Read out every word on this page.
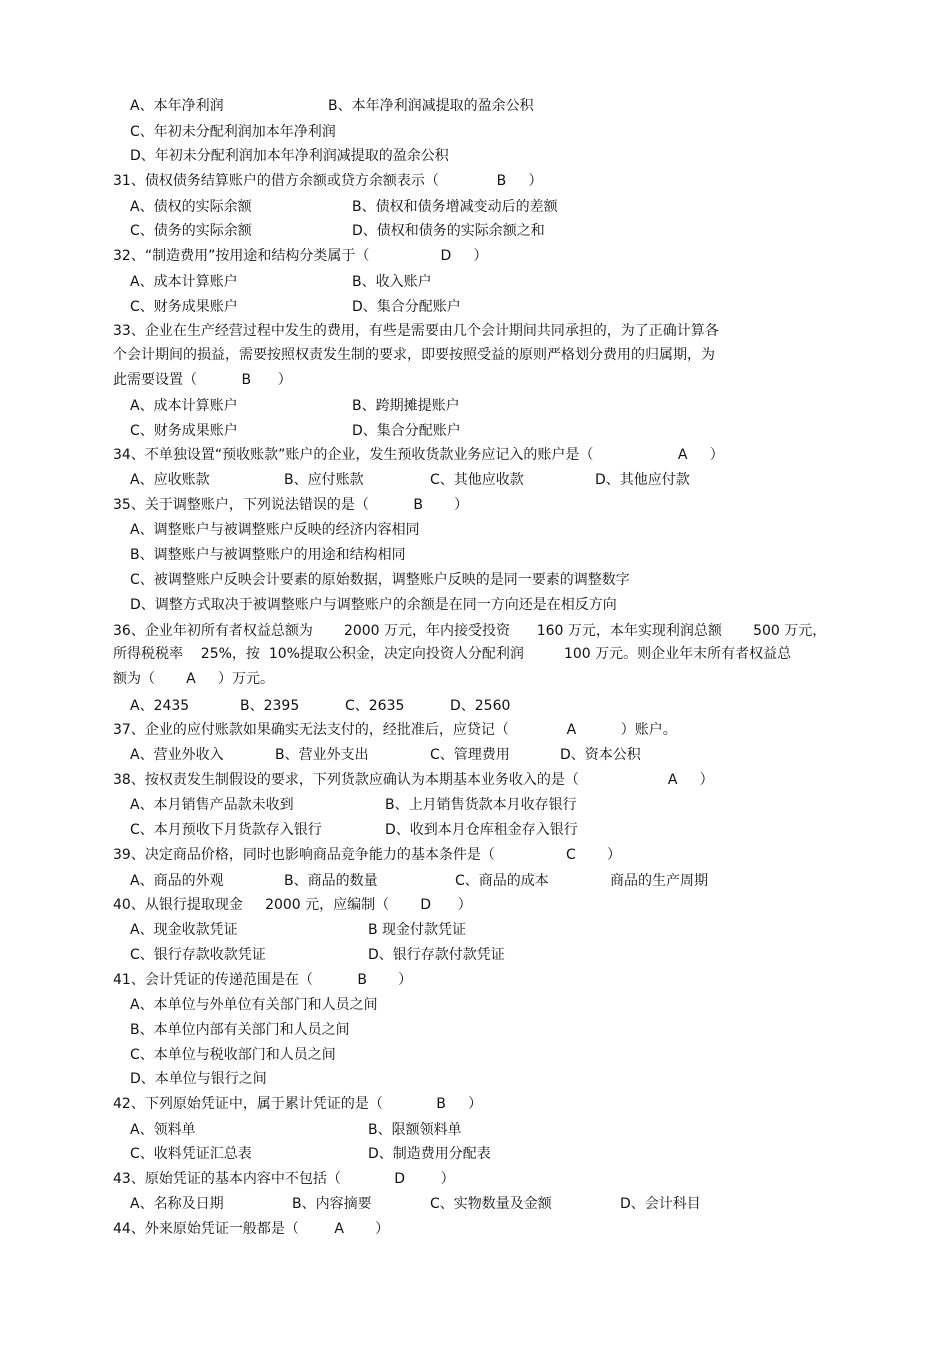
A、本年净利润	B、本年净利润减提取的盈余公积
C、年初未分配利润加本年净利润
D、年初未分配利润加本年净利润减提取的盈余公积
31、债权债务结算账户的借方余额或贷方余额表示（             B     ）
A、债权的实际余额	B、债权和债务增减变动后的差额
C、债务的实际余额	D、债权和债务的实际余额之和
32、“制造费用”按用途和结构分类属于（                D     ）
A、成本计算账户	B、收入账户
C、财务成果账户	D、集合分配账户
33、企业在生产经营过程中发生的费用，有些是需要由几个会计期间共同承担的，为了正确计算各
个会计期间的损益，需要按照权责发生制的要求，即要按照受益的原则严格划分费用的归属期，为
此需要设置（          B      ）
A、成本计算账户	B、跨期摊提账户
C、财务成果账户	D、集合分配账户
34、不单独设置“预收账款”账户的企业，发生预收货款业务应记入的账户是（                   A     ）
A、应收账款	B、应付账款	C、其他应收款	D、其他应付款
35、关于调整账户，下列说法错误的是（          B       ）
A、调整账户与被调整账户反映的经济内容相同
B、调整账户与被调整账户的用途和结构相同
C、被调整账户反映会计要素的原始数据，调整账户反映的是同一要素的调整数字
D、调整方式取决于被调整账户与调整账户的余额是在同一方向还是在相反方向
36、企业年初所有者权益总额为       2000 万元，年内接受投资      160 万元，本年实现利润总额       500 万元，
所得税税率    25%，按  10%提取公积金，决定向投资人分配利润         100 万元。则企业年末所有者权益总
额为（       A     ）万元。
A、2435	B、2395	C、2635	D、2560
37、企业的应付账款如果确实无法支付的，经批准后，应贷记（             A          ）账户。
A、营业外收入	B、营业外支出	C、管理费用	D、资本公积
38、按权责发生制假设的要求，下列货款应确认为本期基本业务收入的是（                    A     ）
A、本月销售产品款未收到	B、上月销售货款本月收存银行
C、本月预收下月货款存入银行	D、收到本月仓库租金存入银行
39、决定商品价格，同时也影响商品竞争能力的基本条件是（                C       ）
A、商品的外观	B、商品的数量	C、商品的成本	商品的生产周期
40、从银行提取现金     2000 元，应编制（       D      ）
A、现金收款凭证	B 现金付款凭证
C、银行存款收款凭证	D、银行存款付款凭证
41、会计凭证的传递范围是在（          B       ）
A、本单位与外单位有关部门和人员之间
B、本单位内部有关部门和人员之间
C、本单位与税收部门和人员之间
D、本单位与银行之间
42、下列原始凭证中，属于累计凭证的是（            B     ）
A、领料单	B、限额领料单
C、收料凭证汇总表	D、制造费用分配表
43、原始凭证的基本内容中不包括（            D        ）
A、名称及日期	B、内容摘要	C、实物数量及金额	D、会计科目
44、外来原始凭证一般都是（        A       ）
